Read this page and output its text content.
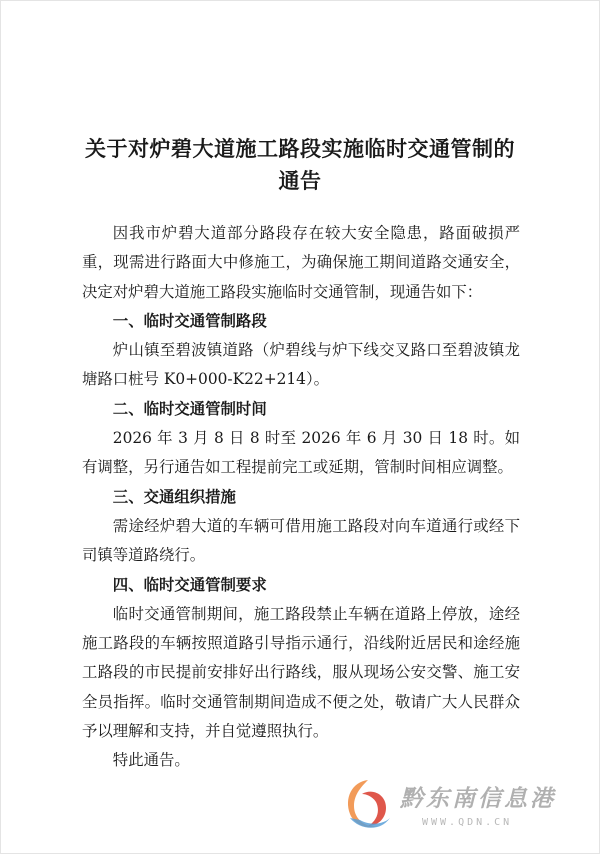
关于对炉碧大道施工路段实施临时交通管制的
通告

因我市炉碧大道部分路段存在较大安全隐患，路面破损严重，现需进行路面大中修施工，为确保施工期间道路交通安全，决定对炉碧大道施工路段实施临时交通管制，现通告如下：

一、临时交通管制路段

炉山镇至碧波镇道路（炉碧线与炉下线交叉路口至碧波镇龙塘路口桩号 K0+000-K22+214）。

二、临时交通管制时间

2026 年 3 月 8 日 8 时至 2026 年 6 月 30 日 18 时。如有调整，另行通告如工程提前完工或延期，管制时间相应调整。

三、交通组织措施

需途经炉碧大道的车辆可借用施工路段对向车道通行或经下司镇等道路绕行。

四、临时交通管制要求

临时交通管制期间，施工路段禁止车辆在道路上停放，途经施工路段的车辆按照道路引导指示通行，沿线附近居民和途经施工路段的市民提前安排好出行路线，服从现场公安交警、施工安全员指挥。临时交通管制期间造成不便之处，敬请广大人民群众予以理解和支持，并自觉遵照执行。

特此通告。

黔东南信息港
WWW.QDN.CN
